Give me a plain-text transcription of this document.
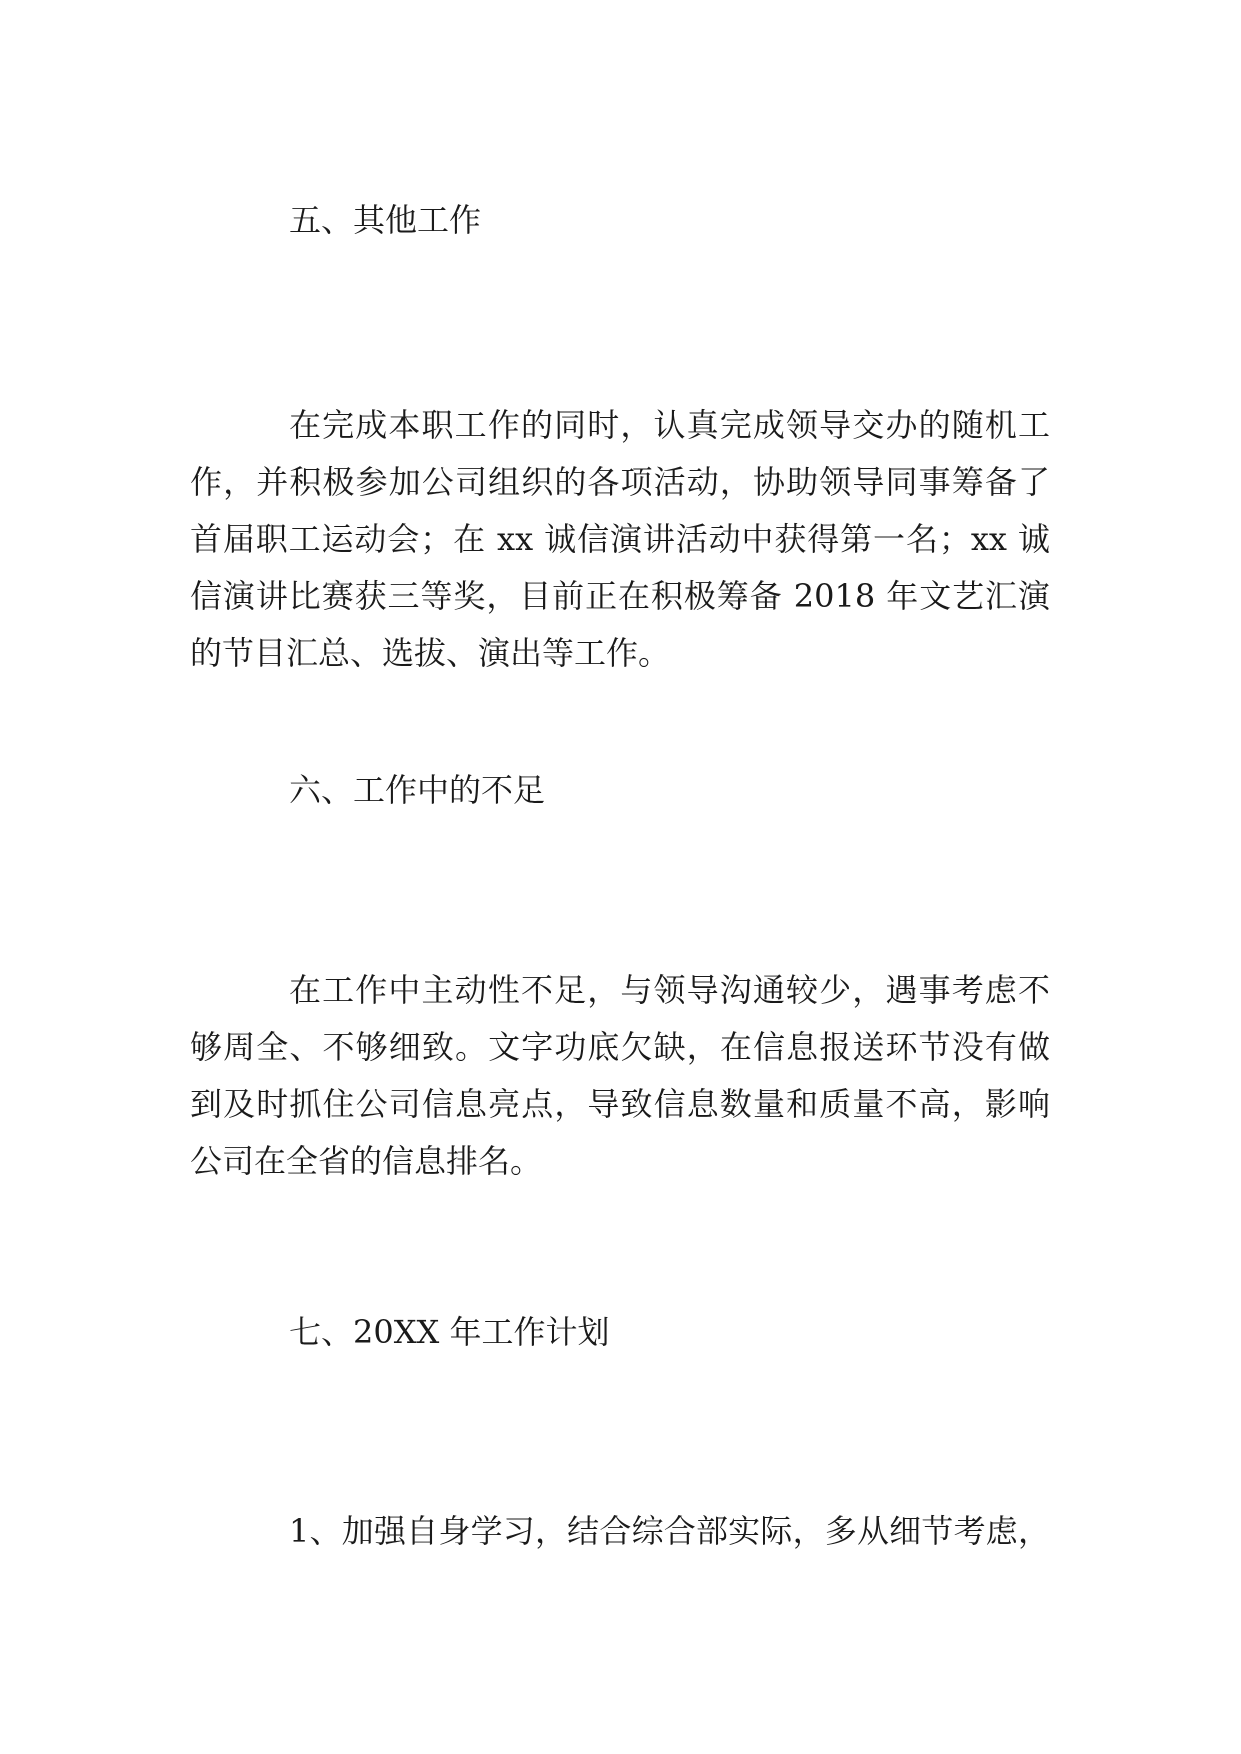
五、其他工作
在完成本职工作的同时，认真完成领导交办的随机工
作，并积极参加公司组织的各项活动，协助领导同事筹备了
首届职工运动会；在 xx 诚信演讲活动中获得第一名；xx 诚
信演讲比赛获三等奖，目前正在积极筹备 2018 年文艺汇演
的节目汇总、选拔、演出等工作。
六、工作中的不足
在工作中主动性不足，与领导沟通较少，遇事考虑不
够周全、不够细致。文字功底欠缺，在信息报送环节没有做
到及时抓住公司信息亮点，导致信息数量和质量不高，影响
公司在全省的信息排名。
七、20XX 年工作计划
1、加强自身学习，结合综合部实际，多从细节考虑，
